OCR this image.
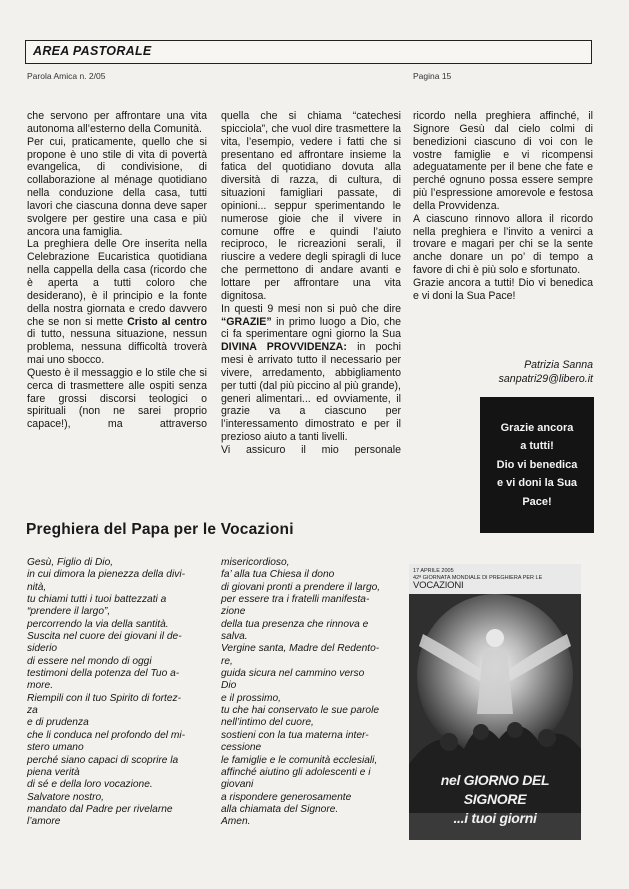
AREA PASTORALE
Parola Amica n. 2/05	Pagina 15

che servono per affrontare una vita autonoma all’esterno della Comunità.

Per cui, praticamente, quello che si propone è uno stile di vita di povertà evangelica, di condivisione, di collaborazione al ménage quotidiano nella conduzione della casa, tutti lavori che ciascuna donna deve saper svolgere per gestire una casa e più ancora una famiglia.

La preghiera delle Ore inserita nella Celebrazione Eucaristica quotidiana nella cappella della casa (ricordo che è aperta a tutti coloro che desiderano), è il principio e la fonte della nostra giornata e credo davvero che se non si mette Cristo al centro di tutto, nessuna situazione, nessun problema, nessuna difficoltà troverà mai uno sbocco.

Questo è il messaggio e lo stile che si cerca di trasmettere alle ospiti senza fare grossi discorsi teologici o spirituali (non ne sarei proprio capace!), ma attraverso

quella che si chiama “catechesi spicciola”, che vuol dire trasmettere la vita, l’esempio, vedere i fatti che si presentano ed affrontare insieme la fatica del quotidiano dovuta alla diversità di razza, di cultura, di situazioni famigliari passate, di opinioni... seppur sperimentando le numerose gioie che il vivere in comune offre e quindi l’aiuto reciproco, le ricreazioni serali, il riuscire a vedere degli spiragli di luce che permettono di andare avanti e lottare per affrontare una vita dignitosa.

In questi 9 mesi non si può che dire “GRAZIE” in primo luogo a Dio, che ci fa sperimentare ogni giorno la Sua DIVINA PROVVIDENZA: in pochi mesi è arrivato tutto il necessario per vivere, arredamento, abbigliamento per tutti (dal più piccino al più grande), generi alimentari... ed ovviamente, il grazie va a ciascuno per l’interessamento dimostrato e per il prezioso aiuto a tanti livelli.

Vi assicuro il mio personale

ricordo nella preghiera affinché, il Signore Gesù dal cielo colmi di benedizioni ciascuno di voi con le vostre famiglie e vi ricompensi adeguatamente per il bene che fate e perché ognuno possa essere sempre più l’espressione amorevole e festosa della Provvidenza.

A ciascuno rinnovo allora il ricordo nella preghiera e l’invito a venirci a trovare e magari per chi se la sente anche donare un po’ di tempo a favore di chi è più solo e sfortunato.

Grazie ancora a tutti! Dio vi benedica e vi doni la Sua Pace!

Patrizia Sanna
sanpatri29@libero.it
Grazie ancora
a tutti!
Dio vi benedica
e vi doni la Sua
Pace!
Preghiera del Papa per le Vocazioni
Gesù, Figlio di Dio,
in cui dimora la pienezza della divi-
nità,
tu chiami tutti i tuoi battezzati a
“prendere il largo”,
percorrendo la via della santità.
Suscita nel cuore dei giovani il de-
siderio
di essere nel mondo di oggi
testimoni della potenza del Tuo a-
more.
Riempili con il tuo Spirito di fortez-
za
e di prudenza
che li conduca nel profondo del mi-
stero umano
perché siano capaci di scoprire la
piena verità
di sé e della loro vocazione.
Salvatore nostro,
mandato dal Padre per rivelarne
l’amore
misericordioso,
fa’ alla tua Chiesa il dono
di giovani pronti a prendere il largo,
per essere tra i fratelli manifesta-
zione
della tua presenza che rinnova e
salva.
Vergine santa, Madre del Redento-
re,
guida sicura nel cammino verso
Dio
e il prossimo,
tu che hai conservato le sue parole
nell’intimo del cuore,
sostieni con la tua materna inter-
cessione
le famiglie e le comunità ecclesiali,
affinché aiutino gli adolescenti e i
giovani
a rispondere generosamente
alla chiamata del Signore.
Amen.
17 APRILE 2005
42ª GIORNATA MONDIALE DI PREGHIERA PER LE VOCAZIONI
nel GIORNO DEL SIGNORE
...i tuoi giorni
